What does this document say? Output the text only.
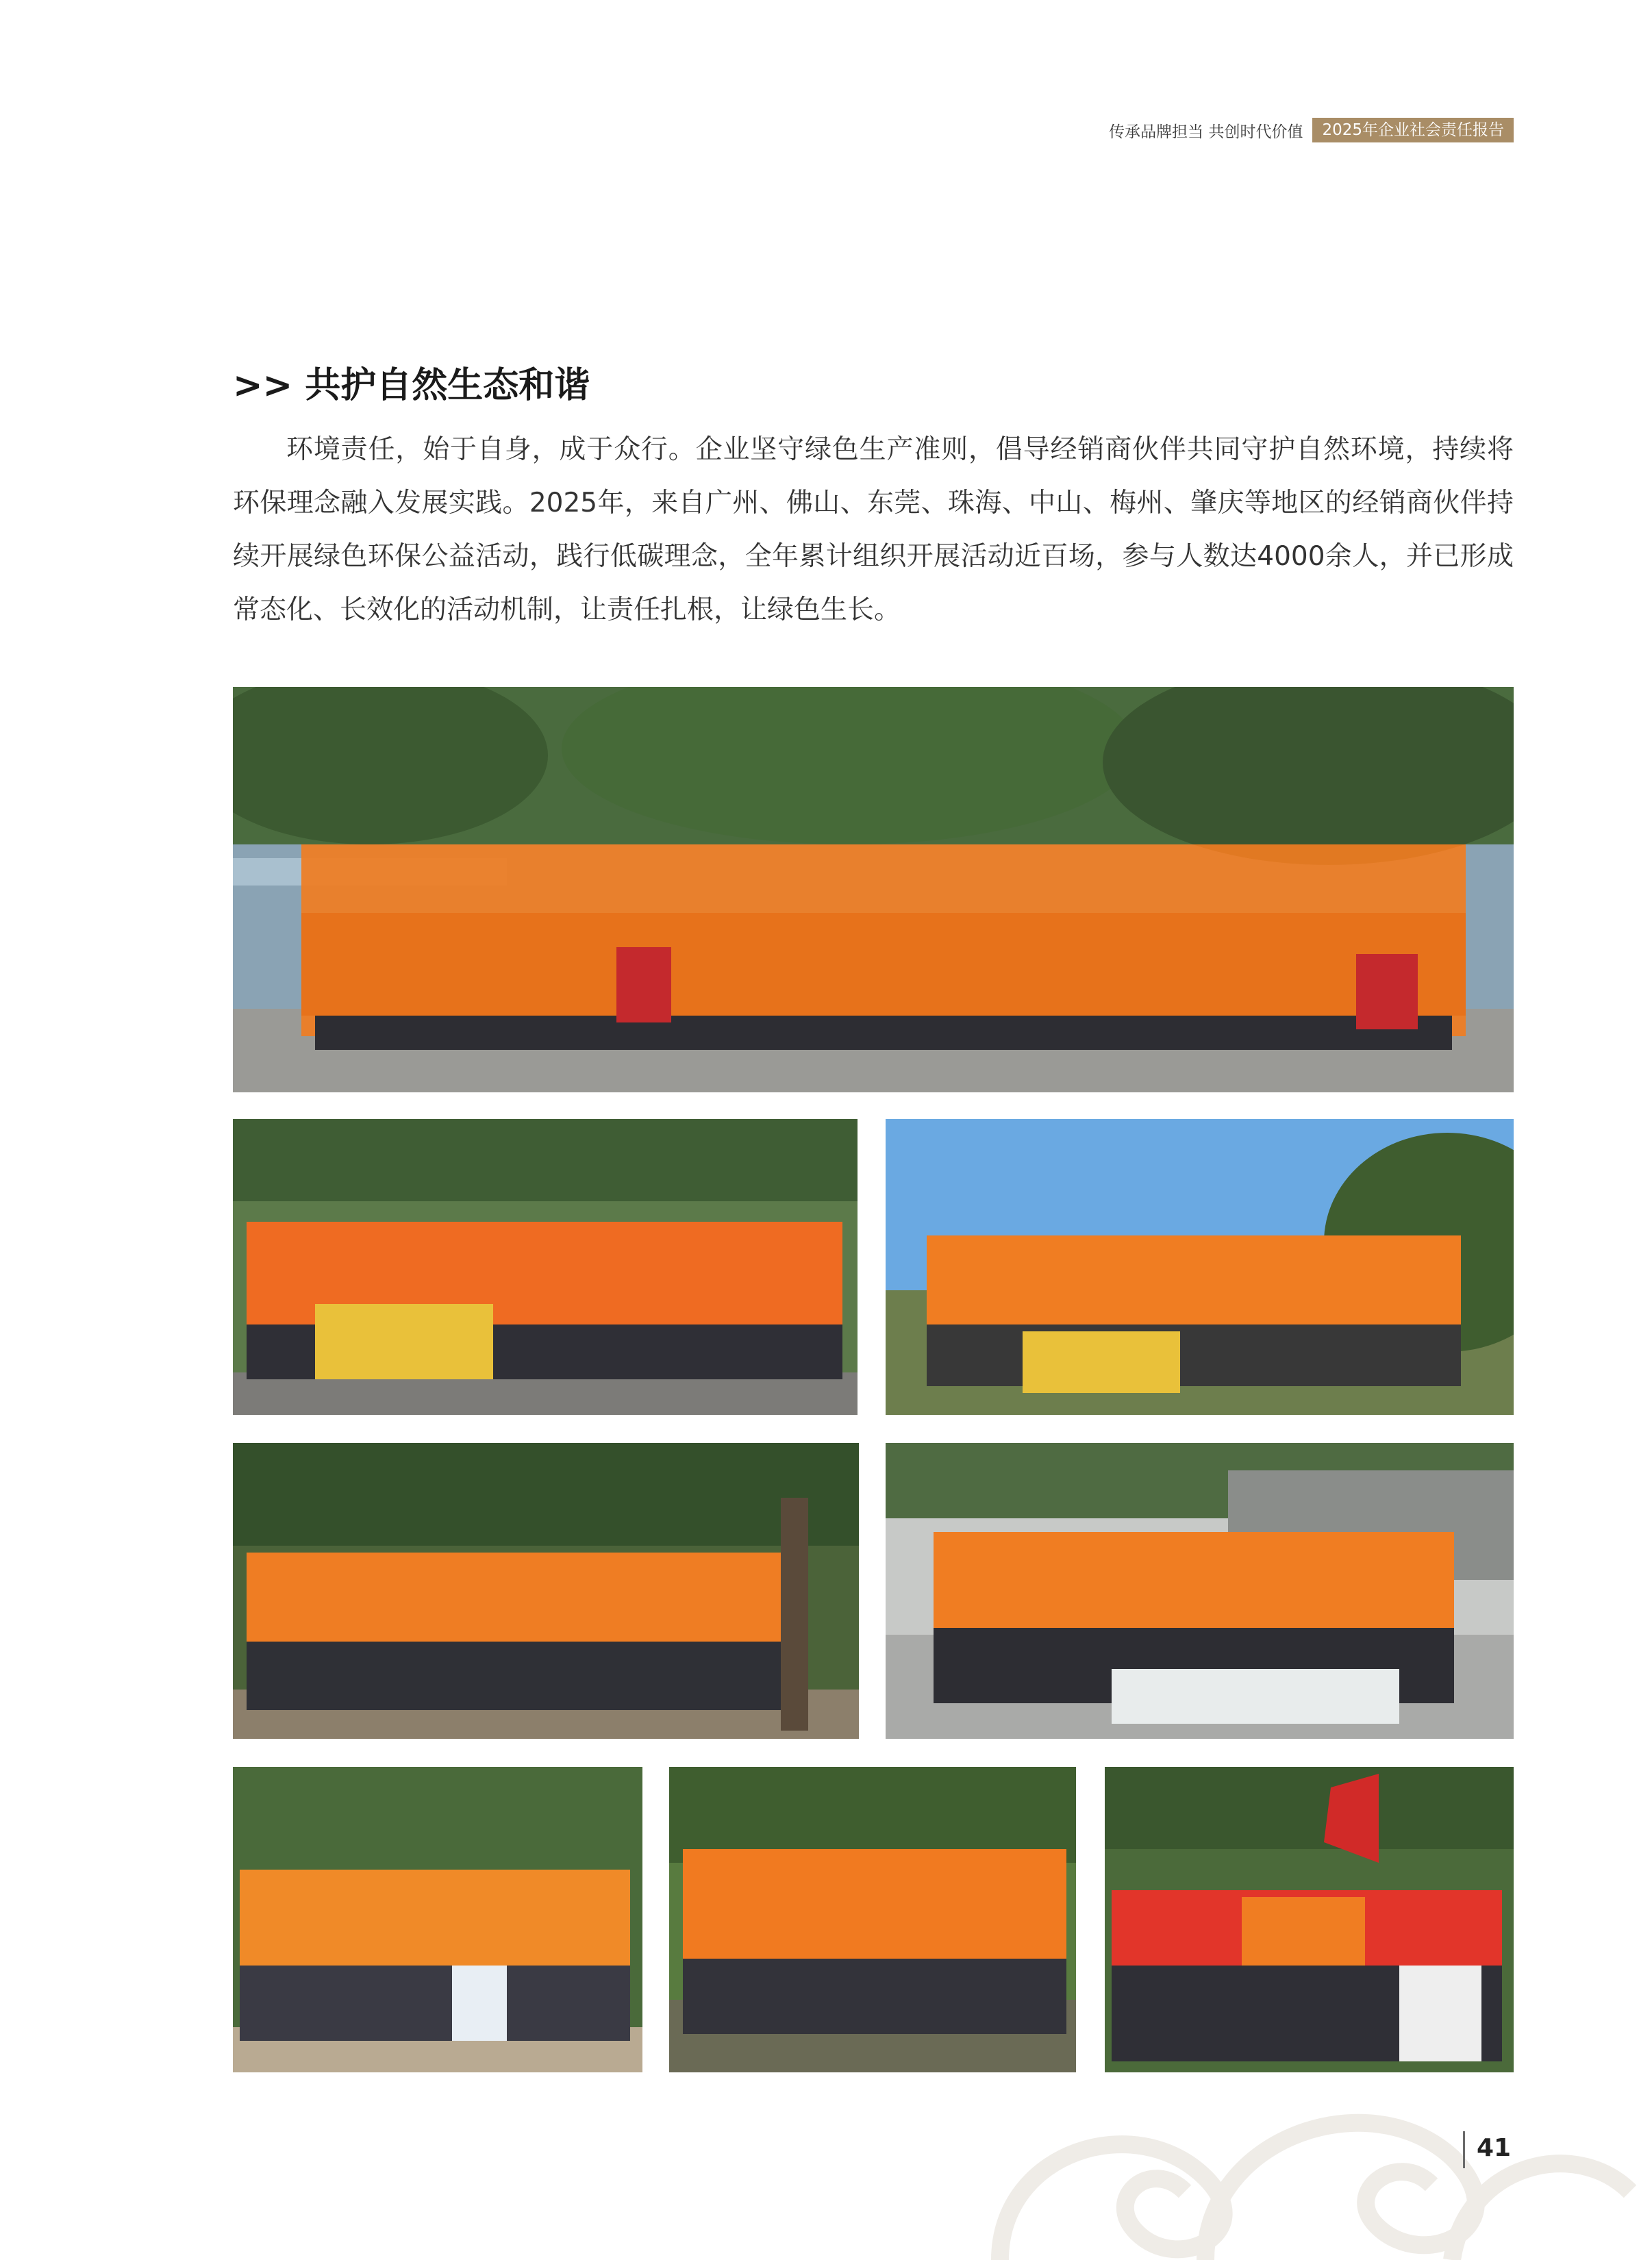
传承品牌担当 共创时代价值	2025年企业社会责任报告
>> 共护自然生态和谐

环境责任，始于自身，成于众行。企业坚守绿色生产准则，倡导经销商伙伴共同守护自然环境，持续将环保理念融入发展实践。2025年，来自广州、佛山、东莞、珠海、中山、梅州、肇庆等地区的经销商伙伴持续开展绿色环保公益活动，践行低碳理念，全年累计组织开展活动近百场，参与人数达4000余人，并已形成常态化、长效化的活动机制，让责任扎根，让绿色生长。

41
